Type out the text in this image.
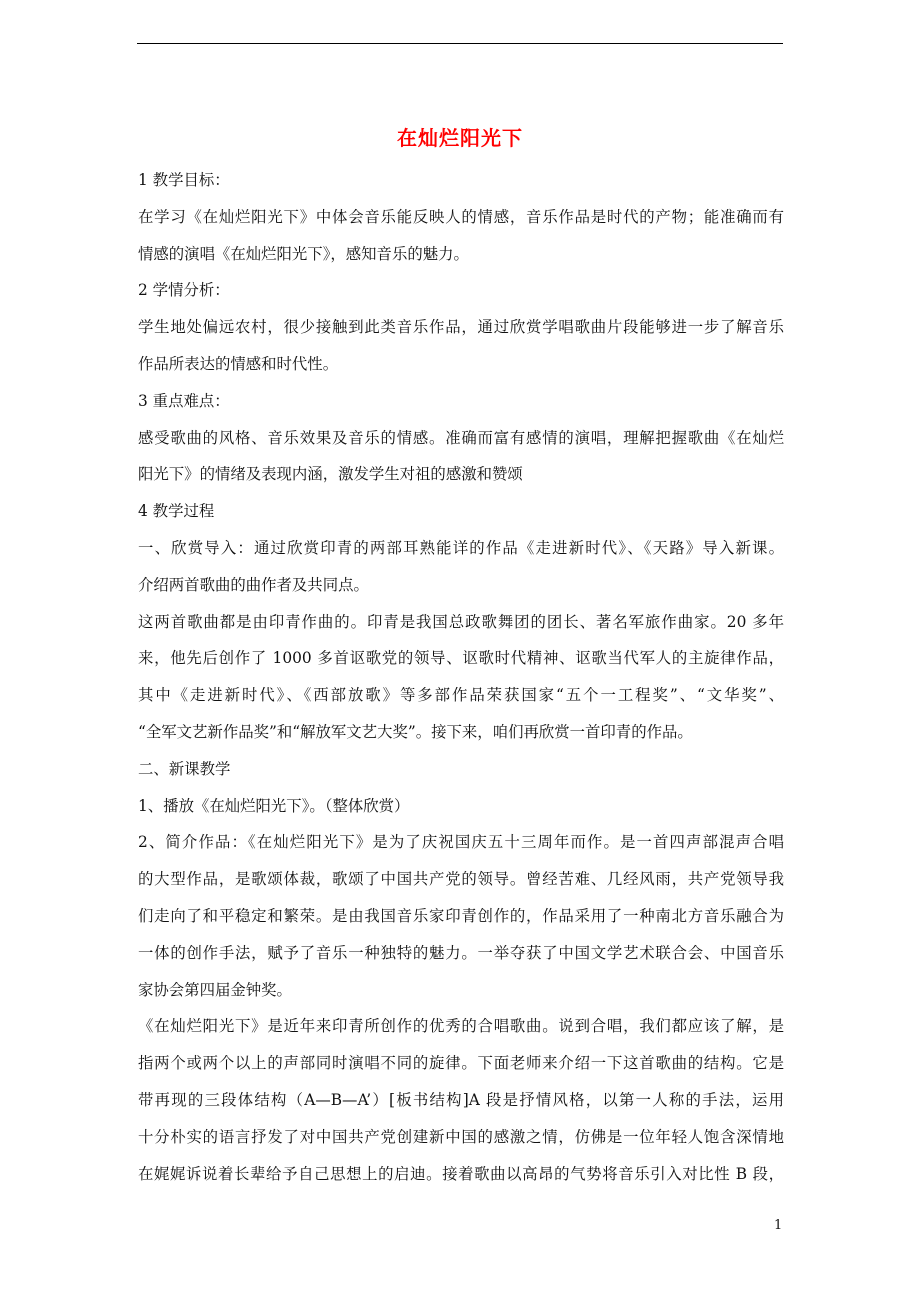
在灿烂阳光下
1 教学目标：
在学习《在灿烂阳光下》中体会音乐能反映人的情感，音乐作品是时代的产物；能准确而有
情感的演唱《在灿烂阳光下》，感知音乐的魅力。
2 学情分析：
学生地处偏远农村，很少接触到此类音乐作品，通过欣赏学唱歌曲片段能够进一步了解音乐
作品所表达的情感和时代性。
3 重点难点：
感受歌曲的风格、音乐效果及音乐的情感。准确而富有感情的演唱，理解把握歌曲《在灿烂
阳光下》的情绪及表现内涵，激发学生对祖的感激和赞颂
4 教学过程
一、欣赏导入：通过欣赏印青的两部耳熟能详的作品《走进新时代》、《天路》导入新课。
介绍两首歌曲的曲作者及共同点。
这两首歌曲都是由印青作曲的。印青是我国总政歌舞团的团长、著名军旅作曲家。20 多年
来，他先后创作了 1000 多首讴歌党的领导、讴歌时代精神、讴歌当代军人的主旋律作品，
其中《走进新时代》、《西部放歌》等多部作品荣获国家“五个一工程奖”、“文华奖”、
“全军文艺新作品奖”和“解放军文艺大奖”。接下来，咱们再欣赏一首印青的作品。
二、新课教学
1、播放《在灿烂阳光下》。（整体欣赏）
2、简介作品：《在灿烂阳光下》是为了庆祝国庆五十三周年而作。是一首四声部混声合唱
的大型作品，是歌颂体裁，歌颂了中国共产党的领导。曾经苦难、几经风雨，共产党领导我
们走向了和平稳定和繁荣。是由我国音乐家印青创作的，作品采用了一种南北方音乐融合为
一体的创作手法，赋予了音乐一种独特的魅力。一举夺获了中国文学艺术联合会、中国音乐
家协会第四届金钟奖。
《在灿烂阳光下》是近年来印青所创作的优秀的合唱歌曲。说到合唱，我们都应该了解，是
指两个或两个以上的声部同时演唱不同的旋律。下面老师来介绍一下这首歌曲的结构。它是
带再现的三段体结构（A—B—A’）[板书结构]A 段是抒情风格，以第一人称的手法，运用
十分朴实的语言抒发了对中国共产党创建新中国的感激之情，仿佛是一位年轻人饱含深情地
在娓娓诉说着长辈给予自己思想上的启迪。接着歌曲以高昂的气势将音乐引入对比性 B 段，
1
